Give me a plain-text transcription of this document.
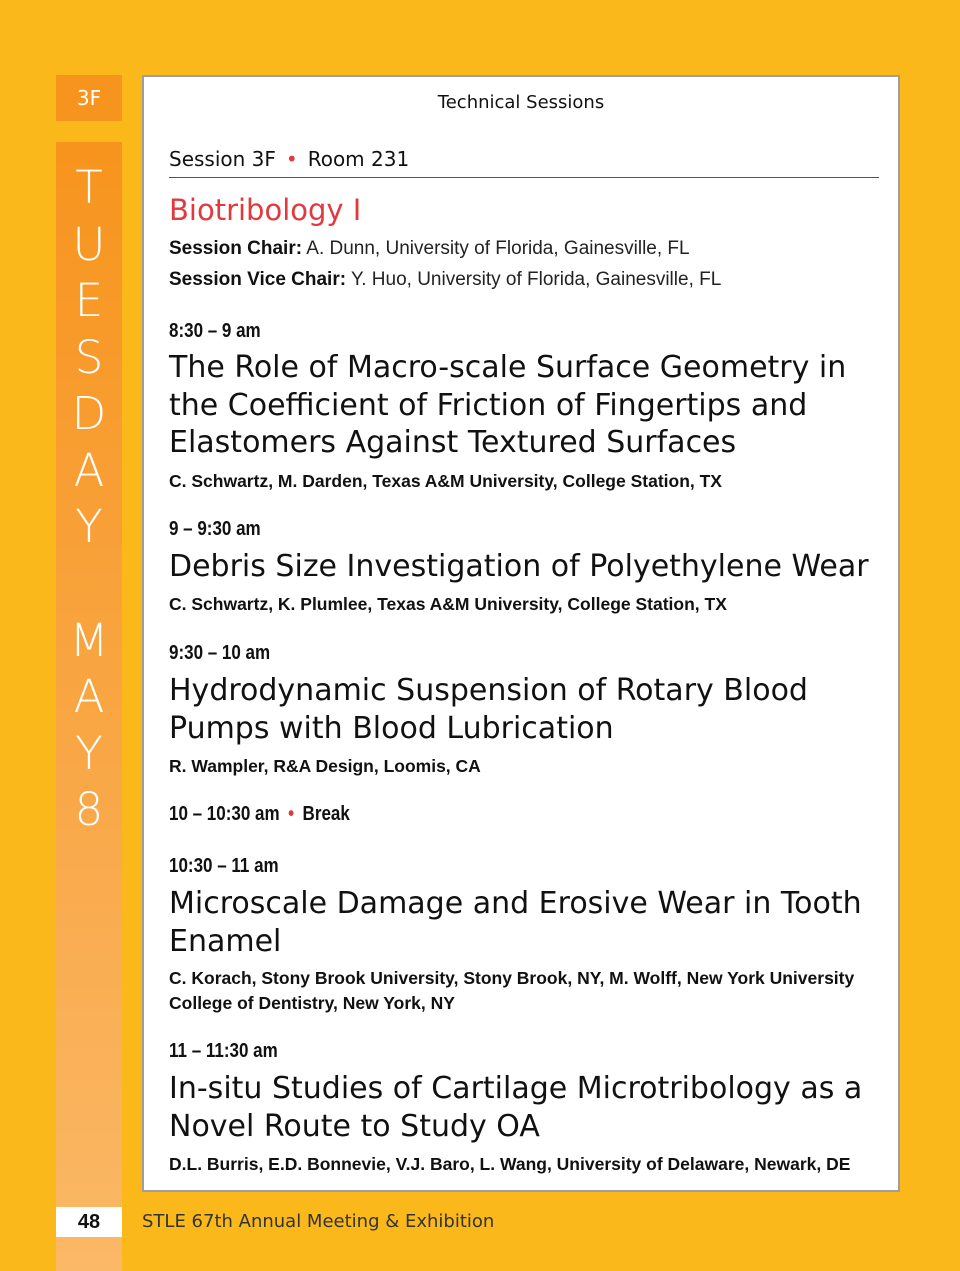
3F
T
U
E
S
D
A
Y
M
A
Y
8
48	STLE 67th Annual Meeting & Exhibition
Technical Sessions
Session 3F • Room 231
Biotribology I
Session Chair: A. Dunn, University of Florida, Gainesville, FL
Session Vice Chair: Y. Huo, University of Florida, Gainesville, FL
8:30 – 9 am
The Role of Macro-scale Surface Geometry in the Coefficient of Friction of Fingertips and Elastomers Against Textured Surfaces
C. Schwartz, M. Darden, Texas A&M University, College Station, TX
9 – 9:30 am
Debris Size Investigation of Polyethylene Wear
C. Schwartz, K. Plumlee, Texas A&M University, College Station, TX
9:30 – 10 am
Hydrodynamic Suspension of Rotary Blood Pumps with Blood Lubrication
R. Wampler, R&A Design, Loomis, CA
10 – 10:30 am • Break
10:30 – 11 am
Microscale Damage and Erosive Wear in Tooth Enamel
C. Korach, Stony Brook University, Stony Brook, NY, M. Wolff, New York University College of Dentistry, New York, NY
11 – 11:30 am
In-situ Studies of Cartilage Microtribology as a Novel Route to Study OA
D.L. Burris, E.D. Bonnevie, V.J. Baro, L. Wang, University of Delaware, Newark, DE
